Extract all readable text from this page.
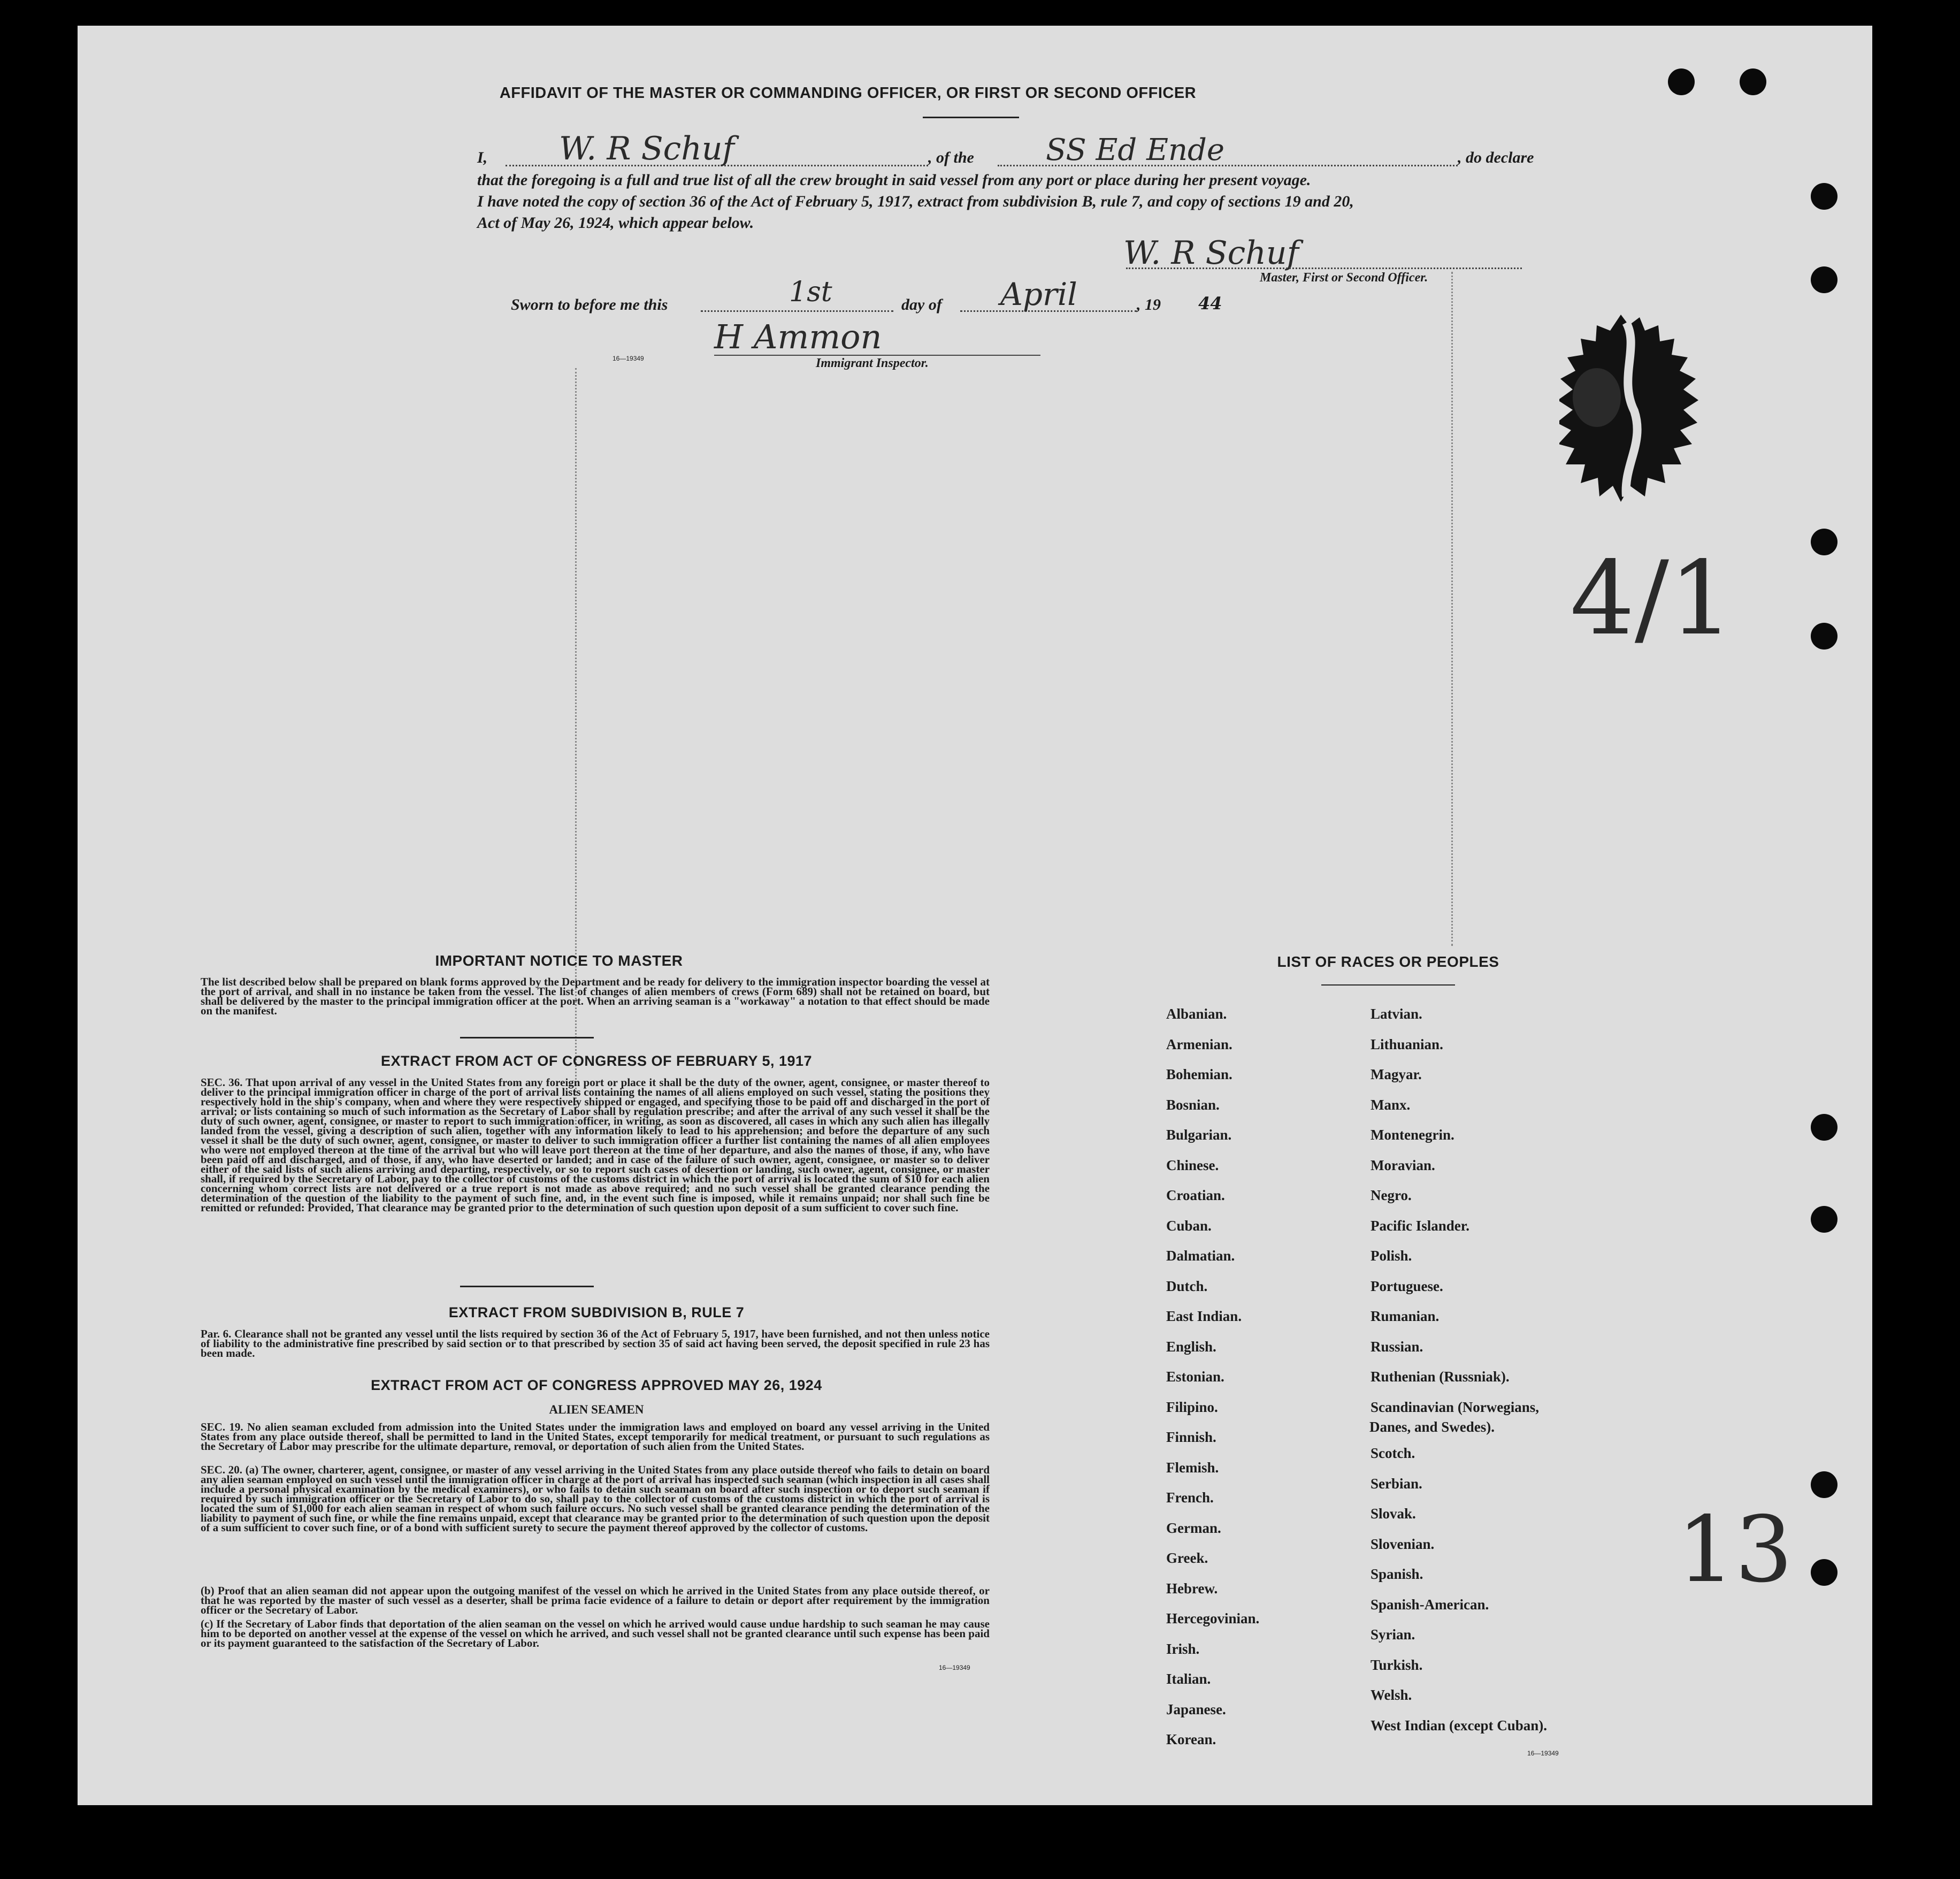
AFFIDAVIT OF THE MASTER OR COMMANDING OFFICER, OR FIRST OR SECOND OFFICER
I, W. R Schuf	, of the SS Ed Ende	, do declare
that the foregoing is a full and true list of all the crew brought in said vessel from any port or place during her present voyage.
I have noted the copy of section 36 of the Act of February 5, 1917, extract from subdivision B, rule 7, and copy of sections 19 and 20,
Act of May 26, 1924, which appear below.
W. R Schuf
Master, First or Second Officer.
Sworn to before me this	1st	day of April	, 19 44
H Ammon
16—19349	Immigrant Inspector.
4/1
13
IMPORTANT NOTICE TO MASTER
The list described below shall be prepared on blank forms approved by the Department and be ready for delivery to the immigration inspector boarding the vessel at the port of arrival, and shall in no instance be taken from the vessel. The list of changes of alien members of crews (Form 689) shall not be retained on board, but shall be delivered by the master to the principal immigration officer at the port. When an arriving seaman is a "workaway" a notation to that effect should be made on the manifest.
EXTRACT FROM ACT OF CONGRESS OF FEBRUARY 5, 1917
SEC. 36. That upon arrival of any vessel in the United States from any foreign port or place it shall be the duty of the owner, agent, consignee, or master thereof to deliver to the principal immigration officer in charge of the port of arrival lists containing the names of all aliens employed on such vessel, stating the positions they respectively hold in the ship's company, when and where they were respectively shipped or engaged, and specifying those to be paid off and discharged in the port of arrival; or lists containing so much of such information as the Secretary of Labor shall by regulation prescribe; and after the arrival of any such vessel it shall be the duty of such owner, agent, consignee, or master to report to such immigration officer, in writing, as soon as discovered, all cases in which any such alien has illegally landed from the vessel, giving a description of such alien, together with any information likely to lead to his apprehension; and before the departure of any such vessel it shall be the duty of such owner, agent, consignee, or master to deliver to such immigration officer a further list containing the names of all alien employees who were not employed thereon at the time of the arrival but who will leave port thereon at the time of her departure, and also the names of those, if any, who have been paid off and discharged, and of those, if any, who have deserted or landed; and in case of the failure of such owner, agent, consignee, or master so to deliver either of the said lists of such aliens arriving and departing, respectively, or so to report such cases of desertion or landing, such owner, agent, consignee, or master shall, if required by the Secretary of Labor, pay to the collector of customs of the customs district in which the port of arrival is located the sum of $10 for each alien concerning whom correct lists are not delivered or a true report is not made as above required; and no such vessel shall be granted clearance pending the determination of the question of the liability to the payment of such fine, and, in the event such fine is imposed, while it remains unpaid; nor shall such fine be remitted or refunded: Provided, That clearance may be granted prior to the determination of such question upon deposit of a sum sufficient to cover such fine.
EXTRACT FROM SUBDIVISION B, RULE 7
Par. 6. Clearance shall not be granted any vessel until the lists required by section 36 of the Act of February 5, 1917, have been furnished, and not then unless notice of liability to the administrative fine prescribed by said section or to that prescribed by section 35 of said act having been served, the deposit specified in rule 23 has been made.
EXTRACT FROM ACT OF CONGRESS APPROVED MAY 26, 1924
ALIEN SEAMEN
SEC. 19. No alien seaman excluded from admission into the United States under the immigration laws and employed on board any vessel arriving in the United States from any place outside thereof, shall be permitted to land in the United States, except temporarily for medical treatment, or pursuant to such regulations as the Secretary of Labor may prescribe for the ultimate departure, removal, or deportation of such alien from the United States.
SEC. 20. (a) The owner, charterer, agent, consignee, or master of any vessel arriving in the United States from any place outside thereof who fails to detain on board any alien seaman employed on such vessel until the immigration officer in charge at the port of arrival has inspected such seaman (which inspection in all cases shall include a personal physical examination by the medical examiners), or who fails to detain such seaman on board after such inspection or to deport such seaman if required by such immigration officer or the Secretary of Labor to do so, shall pay to the collector of customs of the customs district in which the port of arrival is located the sum of $1,000 for each alien seaman in respect of whom such failure occurs. No such vessel shall be granted clearance pending the determination of the liability to payment of such fine, or while the fine remains unpaid, except that clearance may be granted prior to the determination of such question upon the deposit of a sum sufficient to cover such fine, or of a bond with sufficient surety to secure the payment thereof approved by the collector of customs.
(b) Proof that an alien seaman did not appear upon the outgoing manifest of the vessel on which he arrived in the United States from any place outside thereof, or that he was reported by the master of such vessel as a deserter, shall be prima facie evidence of a failure to detain or deport after requirement by the immigration officer or the Secretary of Labor.
(c) If the Secretary of Labor finds that deportation of the alien seaman on the vessel on which he arrived would cause undue hardship to such seaman he may cause him to be deported on another vessel at the expense of the vessel on which he arrived, and such vessel shall not be granted clearance until such expense has been paid or its payment guaranteed to the satisfaction of the Secretary of Labor.
16—19349
LIST OF RACES OR PEOPLES
Albanian.
Armenian.
Bohemian.
Bosnian.
Bulgarian.
Chinese.
Croatian.
Cuban.
Dalmatian.
Dutch.
East Indian.
English.
Estonian.
Filipino.
Finnish.
Flemish.
French.
German.
Greek.
Hebrew.
Hercegovinian.
Irish.
Italian.
Japanese.
Korean.
Latvian.
Lithuanian.
Magyar.
Manx.
Montenegrin.
Moravian.
Negro.
Pacific Islander.
Polish.
Portuguese.
Rumanian.
Russian.
Ruthenian (Russniak).
Scandinavian (Norwegians,
Scotch.
Serbian.
Slovak.
Slovenian.
Spanish.
Spanish-American.
Syrian.
Turkish.
Welsh.
West Indian (except Cuban).
Danes, and Swedes).
16—19349
